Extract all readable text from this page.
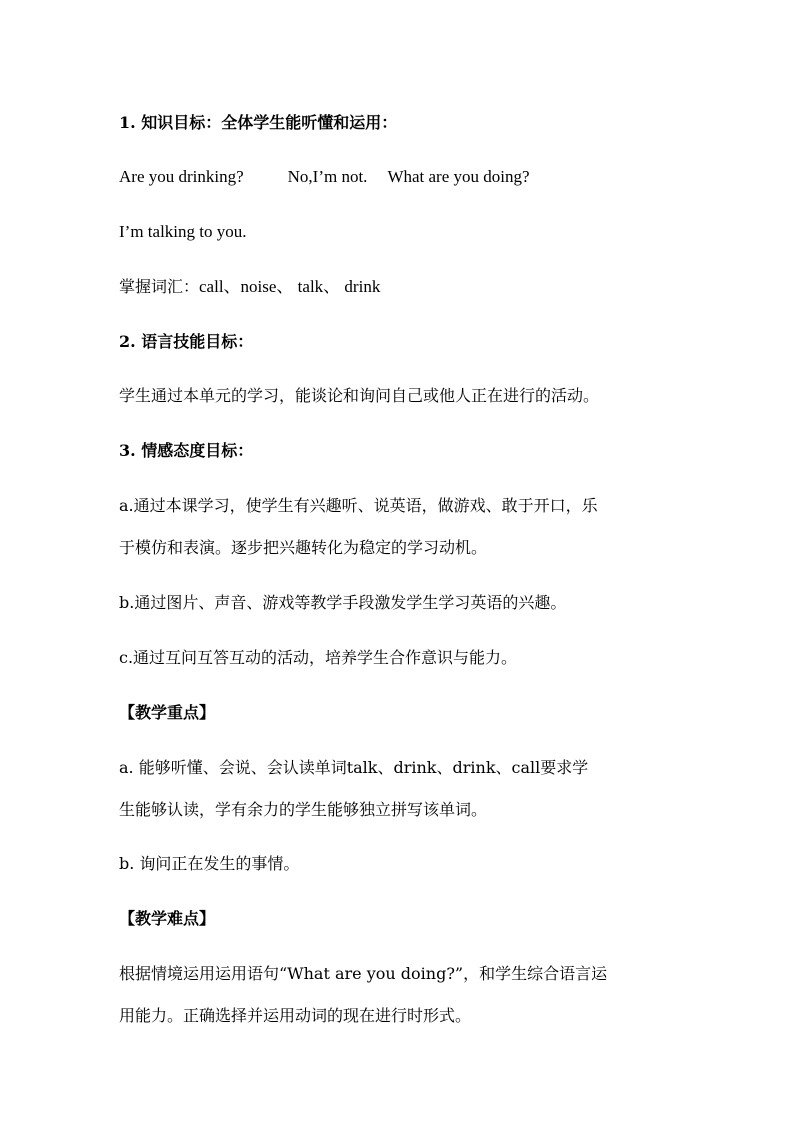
1. 知识目标：全体学生能听懂和运用：

Are you drinking?	No,I’m not. What are you doing?

I’m talking to you.

掌握词汇：call、noise、 talk、 drink

2. 语言技能目标：

学生通过本单元的学习，能谈论和询问自己或他人正在进行的活动。

3. 情感态度目标：

a.通过本课学习，使学生有兴趣听、说英语，做游戏、敢于开口，乐

于模仿和表演。逐步把兴趣转化为稳定的学习动机。

b.通过图片、声音、游戏等教学手段激发学生学习英语的兴趣。

c.通过互问互答互动的活动，培养学生合作意识与能力。

【教学重点】

a. 能够听懂、会说、会认读单词talk、drink、drink、call要求学

生能够认读，学有余力的学生能够独立拼写该单词。

b. 询问正在发生的事情。

【教学难点】

根据情境运用运用语句“What are you doing?”，和学生综合语言运

用能力。正确选择并运用动词的现在进行时形式。
